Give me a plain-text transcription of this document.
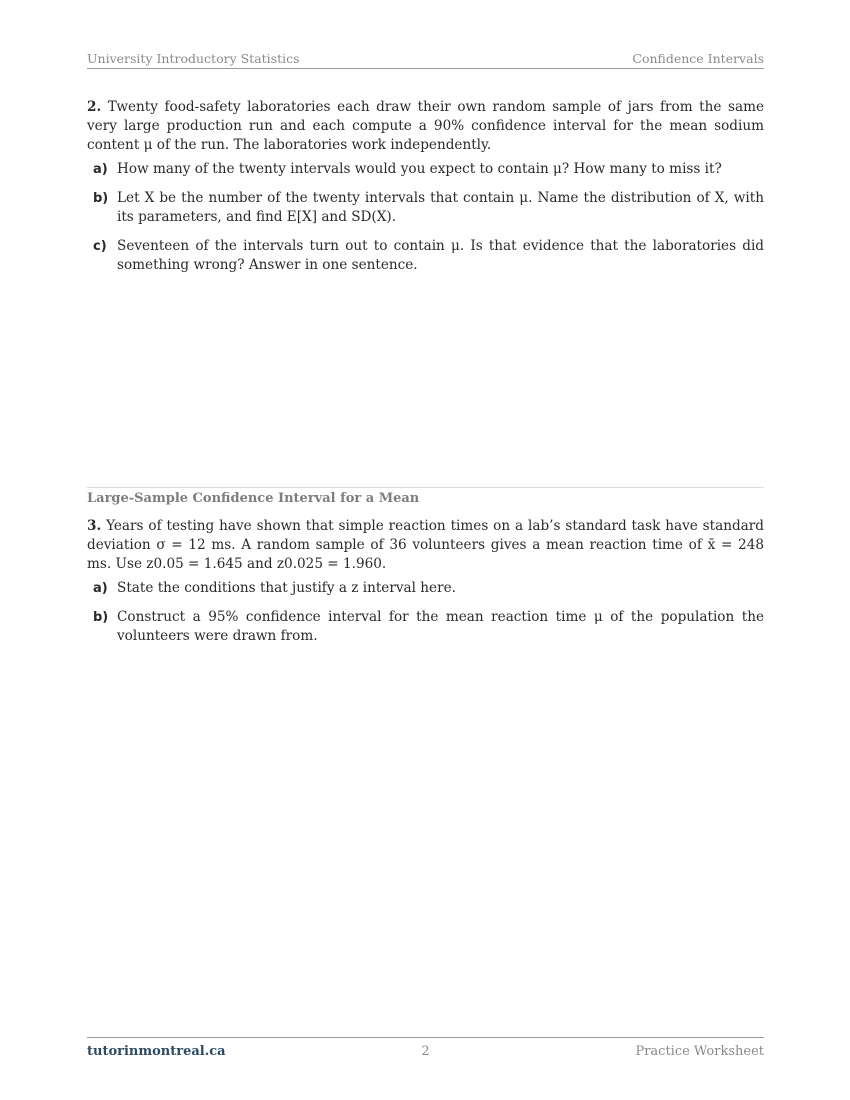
University Introductory Statistics	Confidence Intervals

2. Twenty food-safety laboratories each draw their own random sample of jars from the same very large production run and each compute a 90% confidence interval for the mean sodium content μ of the run. The laboratories work independently.

a) How many of the twenty intervals would you expect to contain μ? How many to miss it?
b) Let X be the number of the twenty intervals that contain μ. Name the distribution of X, with its parameters, and find E[X] and SD(X).
c) Seventeen of the intervals turn out to contain μ. Is that evidence that the laboratories did something wrong? Answer in one sentence.
Large-Sample Confidence Interval for a Mean

3. Years of testing have shown that simple reaction times on a lab’s standard task have standard deviation σ = 12 ms. A random sample of 36 volunteers gives a mean reaction time of x̄ = 248 ms. Use z0.05 = 1.645 and z0.025 = 1.960.

a) State the conditions that justify a z interval here.
b) Construct a 95% confidence interval for the mean reaction time μ of the population the volunteers were drawn from.
tutorinmontreal.ca	2	Practice Worksheet
